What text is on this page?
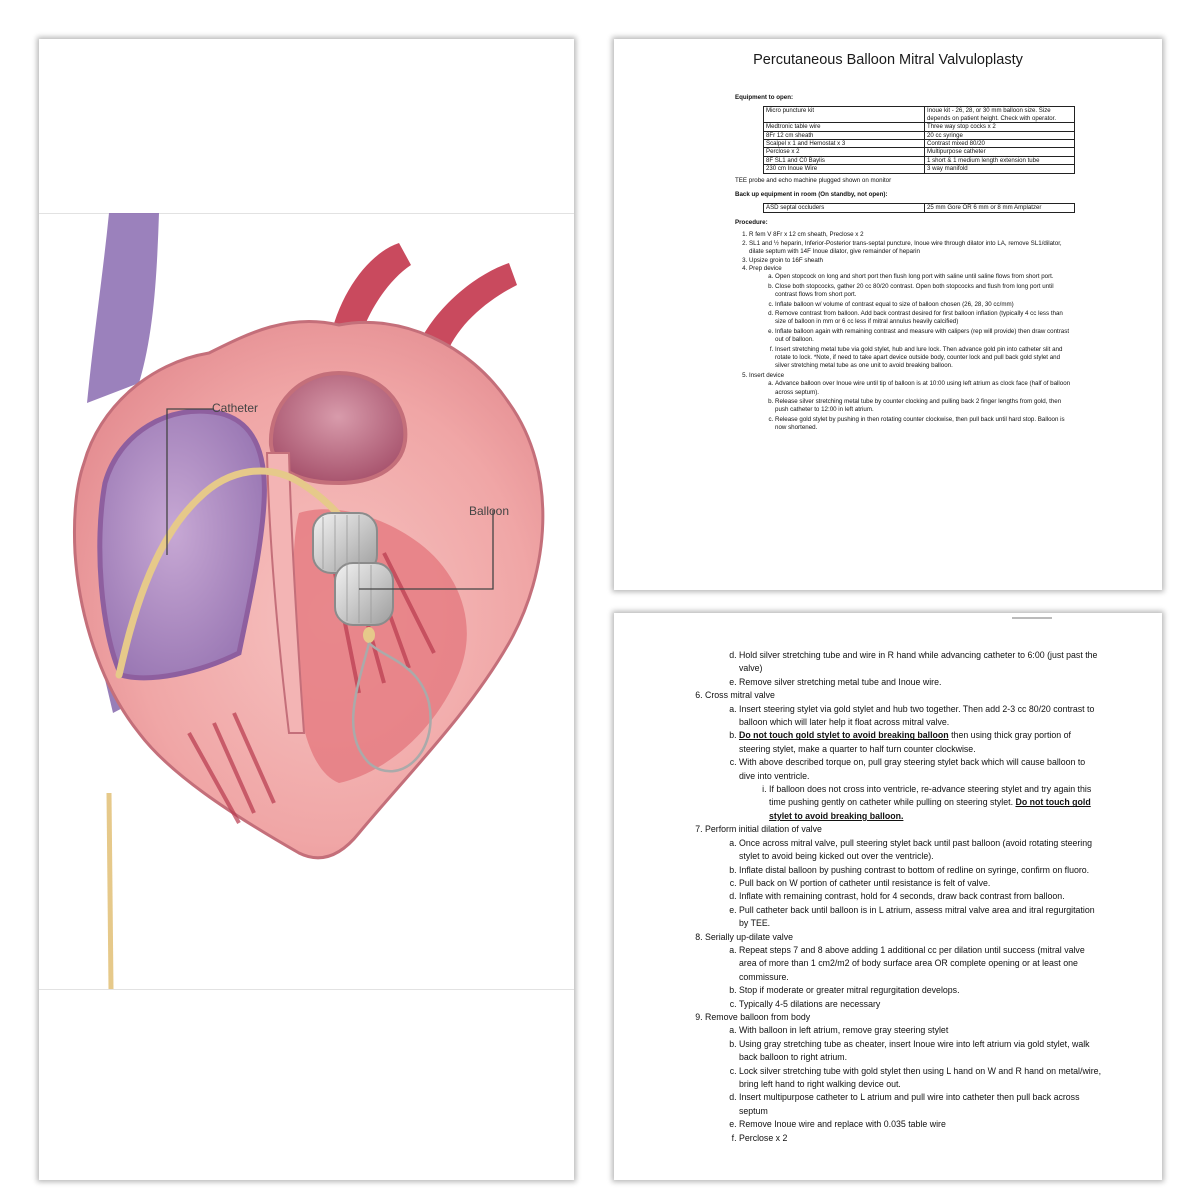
Catheter
Balloon
Percutaneous Balloon Mitral Valvuloplasty
Equipment to open:
Micro puncture kit	Inoue kit - 26, 28, or 30 mm balloon size. Size depends on patient height. Check with operator.
Medtronic table wire	Three way stop cocks x 2
8Fr 12 cm sheath	20 cc syringe
Scalpel x 1 and Hemostat x 3	Contrast mixed 80/20
Perclose x 2	Multipurpose catheter
8F SL1 and C0 Baylis	1 short & 1 medium length extension tube
230 cm Inoue Wire	3 way manifold
TEE probe and echo machine plugged shown on monitor
Back up equipment in room (On standby, not open):
ASD septal occluders	25 mm Gore OR 6 mm or 8 mm Amplatzer
Procedure:
1. R fem V 8Fr x 12 cm sheath, Preclose x 2
2. SL1 and ½ heparin, Inferior-Posterior trans-septal puncture, Inoue wire through dilator into LA, remove SL1/dilator, dilate septum with 14F Inoue dilator, give remainder of heparin
3. Upsize groin to 16F sheath
4. Prep device
a. Open stopcock on long and short port then flush long port with saline until saline flows from short port.
b. Close both stopcocks, gather 20 cc 80/20 contrast. Open both stopcocks and flush from long port until contrast flows from short port.
c. Inflate balloon w/ volume of contrast equal to size of balloon chosen (26, 28, 30 cc/mm)
d. Remove contrast from balloon. Add back contrast desired for first balloon inflation (typically 4 cc less than size of balloon in mm or 6 cc less if mitral annulus heavily calcified)
e. Inflate balloon again with remaining contrast and measure with calipers (rep will provide) then draw contrast out of balloon.
f. Insert stretching metal tube via gold stylet, hub and lure lock. Then advance gold pin into catheter slit and rotate to lock. *Note, if need to take apart device outside body, counter lock and pull back gold stylet and silver stretching metal tube as one unit to avoid breaking balloon.
5. Insert device
a. Advance balloon over Inoue wire until tip of balloon is at 10:00 using left atrium as clock face (half of balloon across septum).
b. Release silver stretching metal tube by counter clocking and pulling back 2 finger lengths from gold, then push catheter to 12:00 in left atrium.
c. Release gold stylet by pushing in then rotating counter clockwise, then pull back until hard stop. Balloon is now shortened.
d. Hold silver stretching tube and wire in R hand while advancing catheter to 6:00 (just past the valve)
e. Remove silver stretching metal tube and Inoue wire.
6. Cross mitral valve
a. Insert steering stylet via gold stylet and hub two together. Then add 2-3 cc 80/20 contrast to balloon which will later help it float across mitral valve.
b. Do not touch gold stylet to avoid breaking balloon then using thick gray portion of steering stylet, make a quarter to half turn counter clockwise.
c. With above described torque on, pull gray steering stylet back which will cause balloon to dive into ventricle.
i. If balloon does not cross into ventricle, re-advance steering stylet and try again this time pushing gently on catheter while pulling on steering stylet. Do not touch gold stylet to avoid breaking balloon.
7. Perform initial dilation of valve
a. Once across mitral valve, pull steering stylet back until past balloon (avoid rotating steering stylet to avoid being kicked out over the ventricle).
b. Inflate distal balloon by pushing contrast to bottom of redline on syringe, confirm on fluoro.
c. Pull back on W portion of catheter until resistance is felt of valve.
d. Inflate with remaining contrast, hold for 4 seconds, draw back contrast from balloon.
e. Pull catheter back until balloon is in L atrium, assess mitral valve area and itral regurgitation by TEE.
8. Serially up-dilate valve
a. Repeat steps 7 and 8 above adding 1 additional cc per dilation until success (mitral valve area of more than 1 cm2/m2 of body surface area OR complete opening or at least one commissure.
b. Stop if moderate or greater mitral regurgitation develops.
c. Typically 4-5 dilations are necessary
9. Remove balloon from body
a. With balloon in left atrium, remove gray steering stylet
b. Using gray stretching tube as cheater, insert Inoue wire into left atrium via gold stylet, walk back balloon to right atrium.
c. Lock silver stretching tube with gold stylet then using L hand on W and R hand on metal/wire, bring left hand to right walking device out.
d. Insert multipurpose catheter to L atrium and pull wire into catheter then pull back across septum
e. Remove Inoue wire and replace with 0.035 table wire
f. Perclose x 2
